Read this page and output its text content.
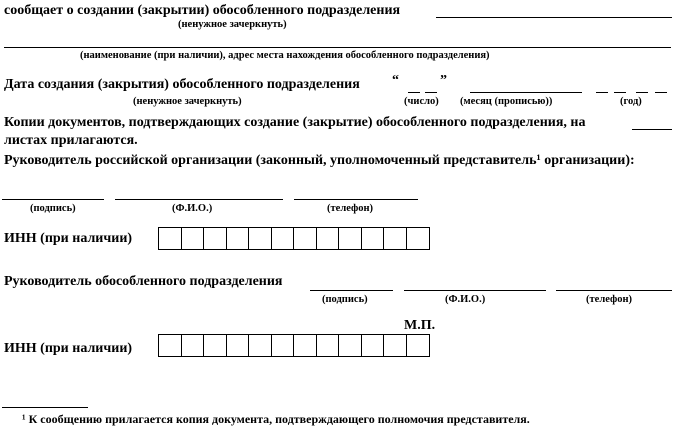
сообщает о создании (закрытии) обособленного подразделения
(ненужное зачеркнуть)
(наименование (при наличии), адрес места нахождения обособленного подразделения)
Дата создания (закрытия) обособленного подразделения “	”
(ненужное зачеркнуть)	(число) (месяц (прописью))	(год)
Копии документов, подтверждающих создание (закрытие) обособленного подразделения, на
листах прилагаются.
Руководитель российской организации (законный, уполномоченный представитель¹ организации):
(подпись)	(Ф.И.О.)	(телефон)
ИНН (при наличии)
Руководитель обособленного подразделения
(подпись)	(Ф.И.О.)	(телефон)
М.П.
ИНН (при наличии)
¹ К сообщению прилагается копия документа, подтверждающего полномочия представителя.
